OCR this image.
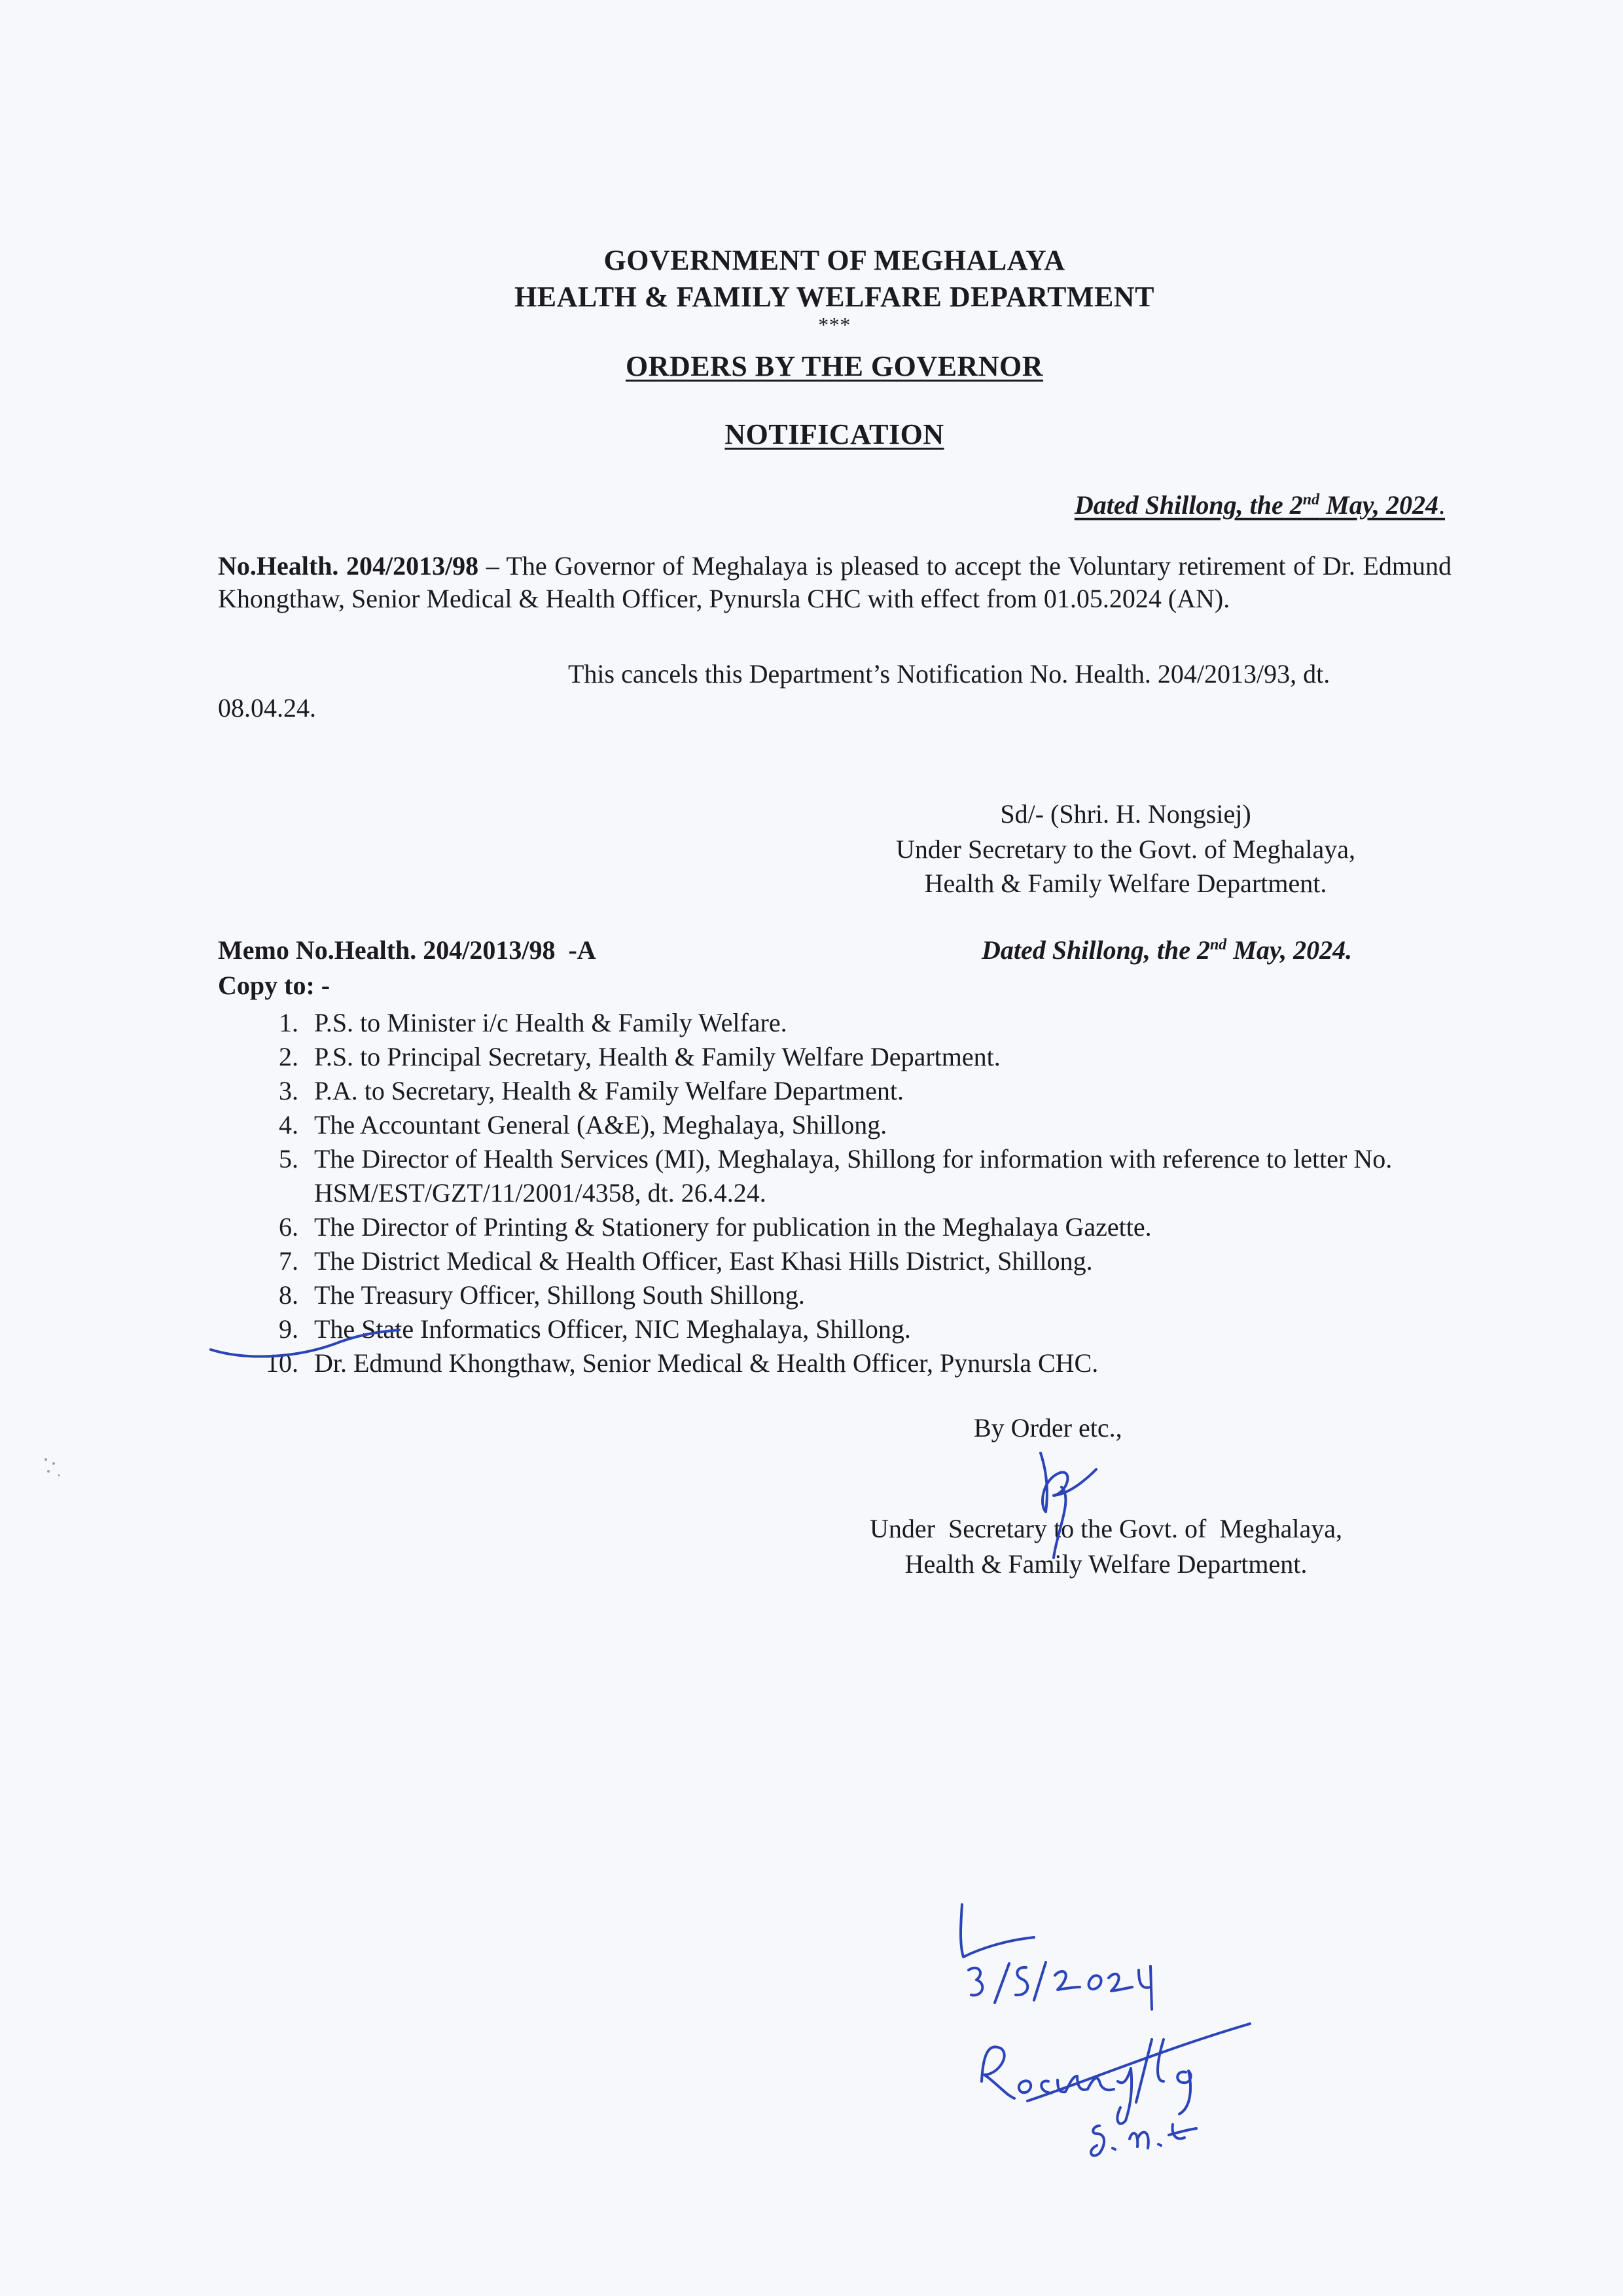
GOVERNMENT OF MEGHALAYA
HEALTH & FAMILY WELFARE DEPARTMENT
***
ORDERS BY THE GOVERNOR
NOTIFICATION
Dated Shillong, the 2nd May, 2024.
No.Health. 204/2013/98 – The Governor of Meghalaya is pleased to accept the Voluntary retirement of Dr. Edmund Khongthaw, Senior Medical & Health Officer, Pynursla CHC with effect from 01.05.2024 (AN).
This cancels this Department’s Notification No. Health. 204/2013/93, dt.
08.04.24.
Sd/- (Shri. H. Nongsiej)
Under Secretary to the Govt. of Meghalaya,
Health & Family Welfare Department.
Memo No.Health. 204/2013/98  -A	Dated Shillong, the 2nd May, 2024.
Copy to: -
1. P.S. to Minister i/c Health & Family Welfare.
2. P.S. to Principal Secretary, Health & Family Welfare Department.
3. P.A. to Secretary, Health & Family Welfare Department.
4. The Accountant General (A&E), Meghalaya, Shillong.
5. The Director of Health Services (MI), Meghalaya, Shillong for information with reference to letter No. HSM/EST/GZT/11/2001/4358, dt. 26.4.24.
6. The Director of Printing & Stationery for publication in the Meghalaya Gazette.
7. The District Medical & Health Officer, East Khasi Hills District, Shillong.
8. The Treasury Officer, Shillong South Shillong.
9. The State Informatics Officer, NIC Meghalaya, Shillong.
10. Dr. Edmund Khongthaw, Senior Medical & Health Officer, Pynursla CHC.
By Order etc.,
Under  Secretary to the Govt. of  Meghalaya,
Health & Family Welfare Department.
